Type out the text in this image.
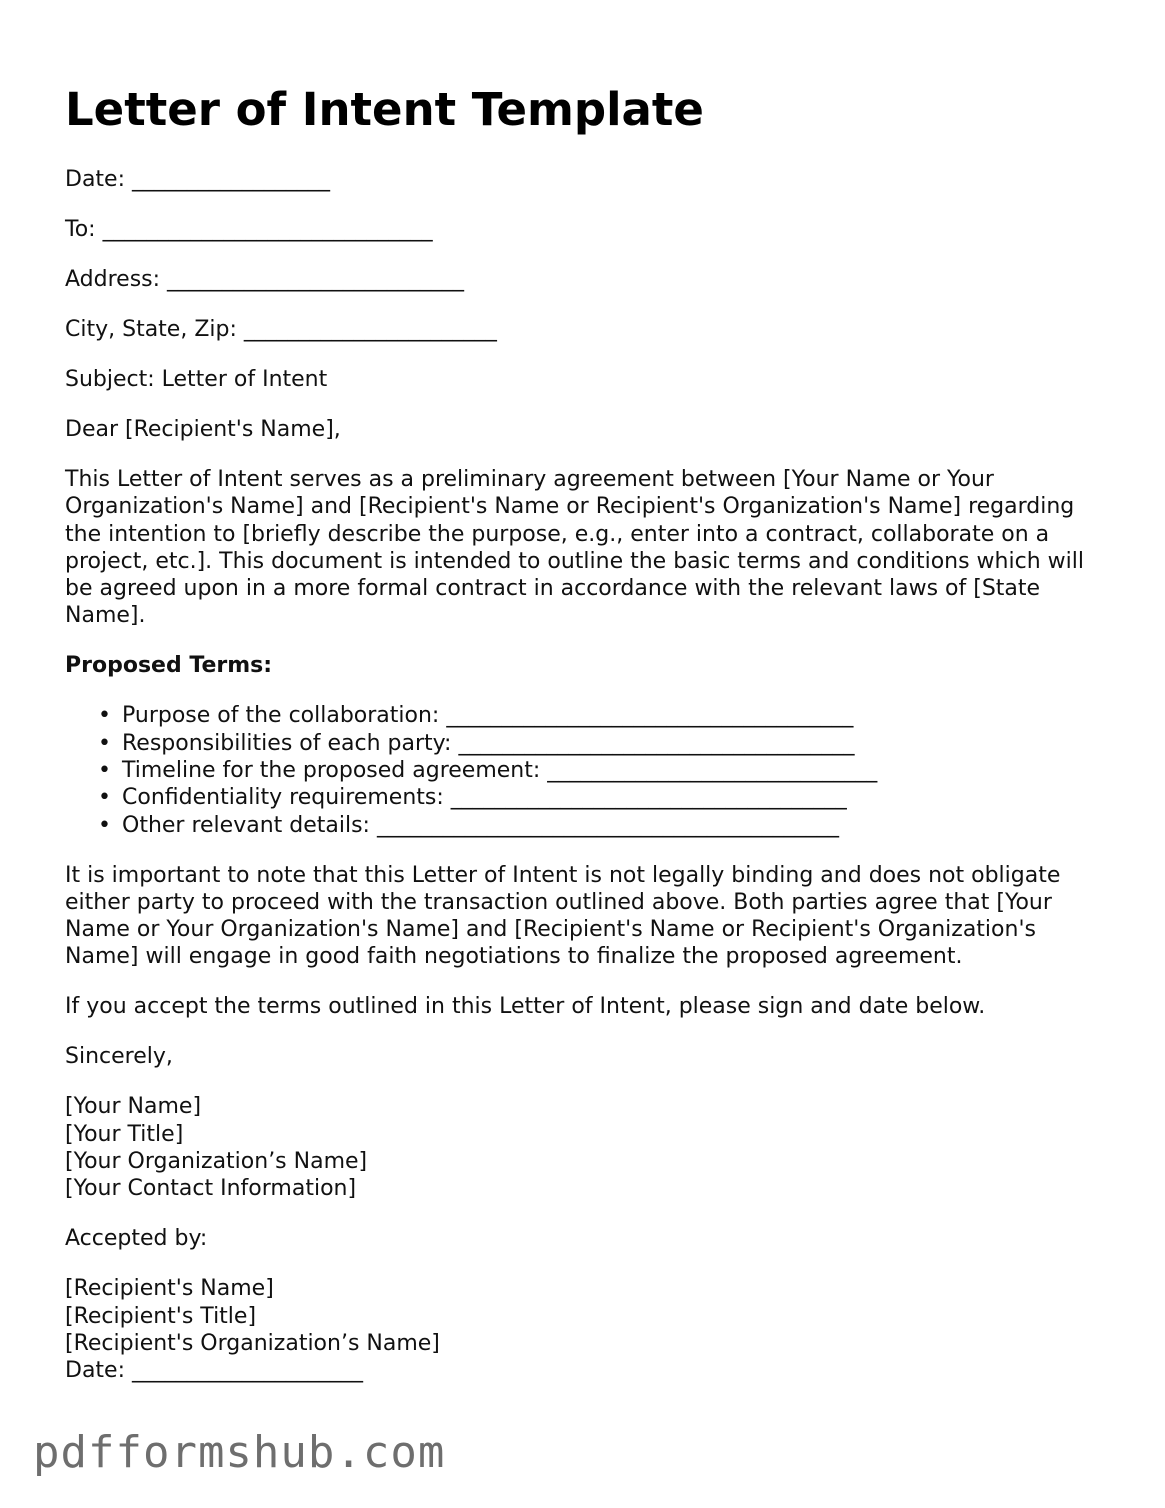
Letter of Intent Template

Date: __________________

To: ______________________________

Address: ___________________________

City, State, Zip: _______________________

Subject: Letter of Intent

Dear [Recipient's Name],

This Letter of Intent serves as a preliminary agreement between [Your Name or Your Organization's Name] and [Recipient's Name or Recipient's Organization's Name] regarding the intention to [briefly describe the purpose, e.g., enter into a contract, collaborate on a project, etc.]. This document is intended to outline the basic terms and conditions which will be agreed upon in a more formal contract in accordance with the relevant laws of [State Name].

Proposed Terms:

• Purpose of the collaboration: _____________________________________
• Responsibilities of each party: ____________________________________
• Timeline for the proposed agreement: ______________________________
• Confidentiality requirements: ____________________________________
• Other relevant details: __________________________________________

It is important to note that this Letter of Intent is not legally binding and does not obligate either party to proceed with the transaction outlined above. Both parties agree that [Your Name or Your Organization's Name] and [Recipient's Name or Recipient's Organization's Name] will engage in good faith negotiations to finalize the proposed agreement.

If you accept the terms outlined in this Letter of Intent, please sign and date below.

Sincerely,

[Your Name]
[Your Title]
[Your Organization’s Name]
[Your Contact Information]

Accepted by:

[Recipient's Name]
[Recipient's Title]
[Recipient's Organization’s Name]
Date: _____________________

pdfformshub.com
